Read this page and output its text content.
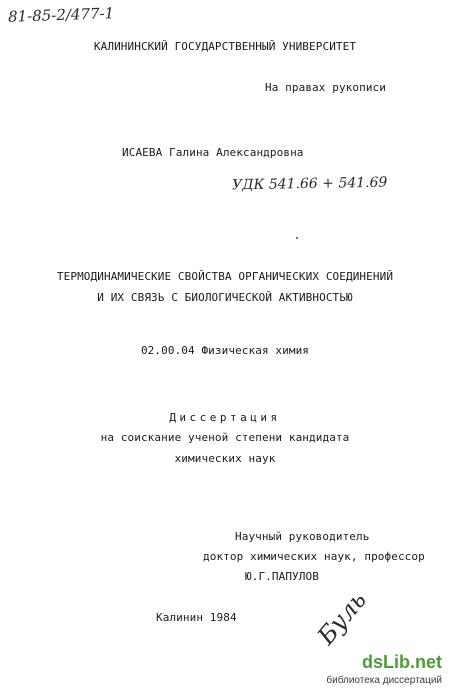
81-85-2/477-1
КАЛИНИНСКИЙ ГОСУДАРСТВЕННЫЙ УНИВЕРСИТЕТ
На правах рукописи
ИСАЕВА Галина Александровна
УДК 541.66 + 541.69
ТЕРМОДИНАМИЧЕСКИЕ СВОЙСТВА ОРГАНИЧЕСКИХ СОЕДИНЕНИЙ
И ИХ СВЯЗЬ С БИОЛОГИЧЕСКОЙ АКТИВНОСТЬЮ
02.00.04 Физическая химия
Диссертация
на соискание ученой степени кандидата
химических наук
Научный руководитель
доктор химических наук, профессор
Ю.Г.ПАПУЛОВ
Калинин 1984	Буль
dsLib.net
библиотека диссертаций
